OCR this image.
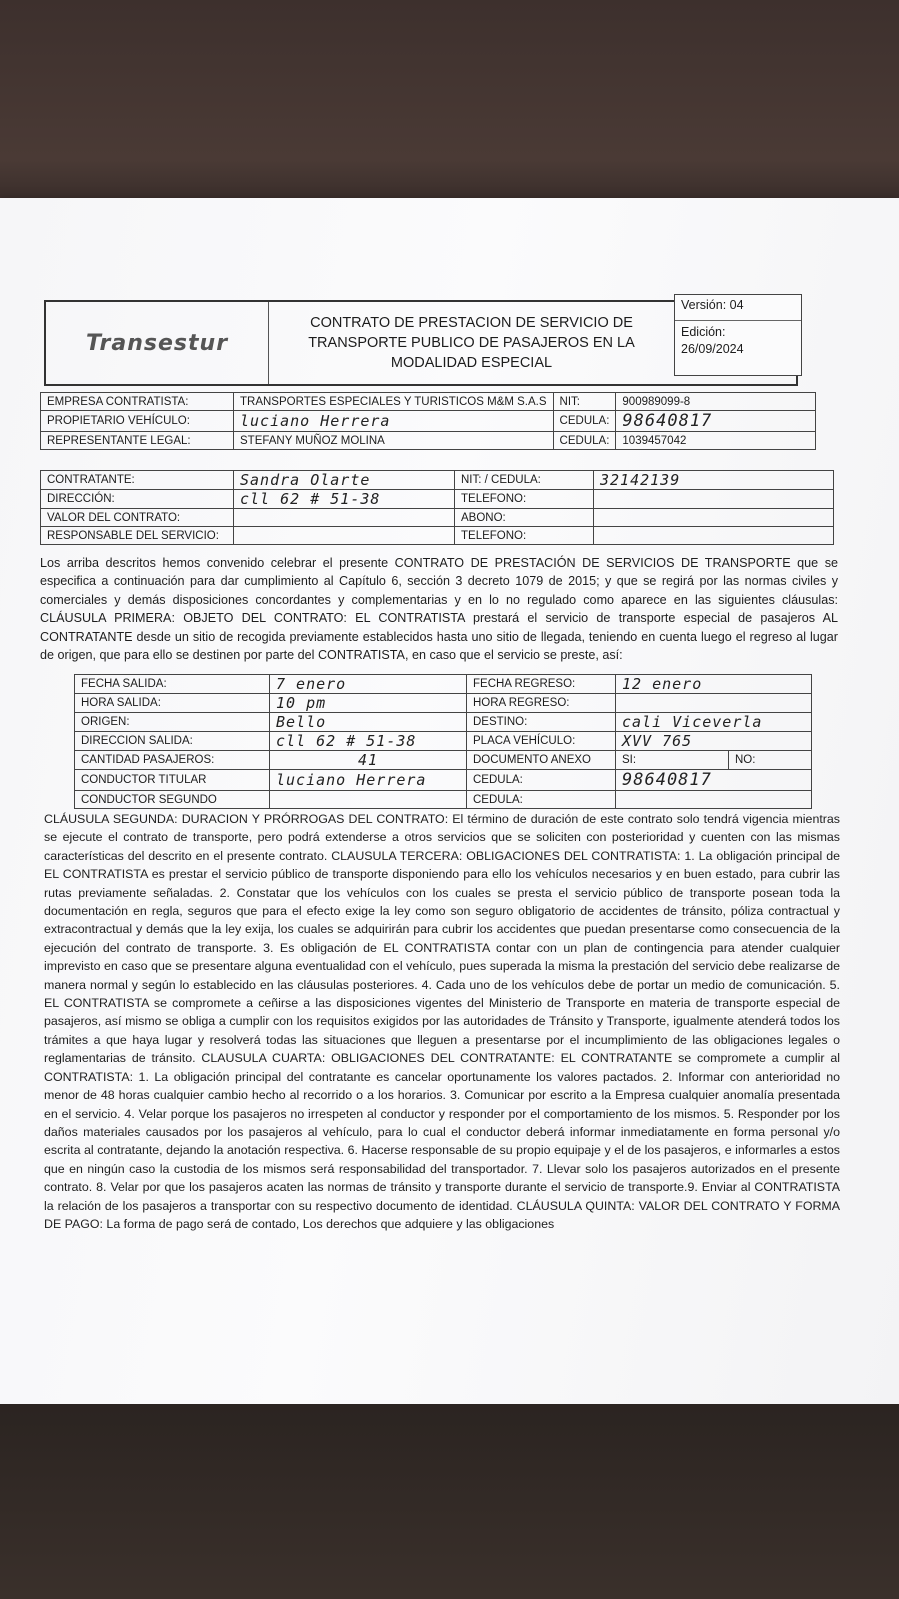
Transestur
CONTRATO DE PRESTACION DE SERVICIO DE TRANSPORTE PUBLICO DE PASAJEROS EN LA MODALIDAD ESPECIAL
Versión: 04
Edición:
26/09/2024
EMPRESA CONTRATISTA:	TRANSPORTES ESPECIALES Y TURISTICOS M&M S.A.S	NIT:	900989099-8
PROPIETARIO VEHÍCULO:	luciano Herrera	CEDULA:	98640817
REPRESENTANTE LEGAL:	STEFANY MUÑOZ MOLINA	CEDULA:	1039457042
CONTRATANTE:	Sandra Olarte	NIT: / CEDULA:	32142139
DIRECCIÓN:	cll 62 # 51-38	TELEFONO:	
VALOR DEL CONTRATO:		ABONO:	
RESPONSABLE DEL SERVICIO:		TELEFONO:	
Los arriba descritos hemos convenido celebrar el presente CONTRATO DE PRESTACIÓN DE SERVICIOS DE TRANSPORTE que se especifica a continuación para dar cumplimiento al Capítulo 6, sección 3 decreto 1079 de 2015; y que se regirá por las normas civiles y comerciales y demás disposiciones concordantes y complementarias y en lo no regulado como aparece en las siguientes cláusulas: CLÁUSULA PRIMERA: OBJETO DEL CONTRATO: EL CONTRATISTA prestará el servicio de transporte especial de pasajeros AL CONTRATANTE desde un sitio de recogida previamente establecidos hasta uno sitio de llegada, teniendo en cuenta luego el regreso al lugar de origen, que para ello se destinen por parte del CONTRATISTA, en caso que el servicio se preste, así:
FECHA SALIDA:	7 enero	FECHA REGRESO:	12 enero	
HORA SALIDA:	10 pm	HORA REGRESO:		
ORIGEN:	Bello	DESTINO:	cali Viceverla	
DIRECCION SALIDA:	cll 62 # 51-38	PLACA VEHÍCULO:	XVV 765	
CANTIDAD PASAJEROS:	41	DOCUMENTO ANEXO	SI:	NO:
CONDUCTOR TITULAR	luciano Herrera	CEDULA:	98640817	
CONDUCTOR SEGUNDO		CEDULA:		
CLÁUSULA SEGUNDA: DURACION Y PRÓRROGAS DEL CONTRATO: El término de duración de este contrato solo tendrá vigencia mientras se ejecute el contrato de transporte, pero podrá extenderse a otros servicios que se soliciten con posterioridad y cuenten con las mismas características del descrito en el presente contrato. CLAUSULA TERCERA: OBLIGACIONES DEL CONTRATISTA: 1. La obligación principal de EL CONTRATISTA es prestar el servicio público de transporte disponiendo para ello los vehículos necesarios y en buen estado, para cubrir las rutas previamente señaladas. 2. Constatar que los vehículos con los cuales se presta el servicio público de transporte posean toda la documentación en regla, seguros que para el efecto exige la ley como son seguro obligatorio de accidentes de tránsito, póliza contractual y extracontractual y demás que la ley exija, los cuales se adquirirán para cubrir los accidentes que puedan presentarse como consecuencia de la ejecución del contrato de transporte. 3. Es obligación de EL CONTRATISTA contar con un plan de contingencia para atender cualquier imprevisto en caso que se presentare alguna eventualidad con el vehículo, pues superada la misma la prestación del servicio debe realizarse de manera normal y según lo establecido en las cláusulas posteriores. 4. Cada uno de los vehículos debe de portar un medio de comunicación. 5. EL CONTRATISTA se compromete a ceñirse a las disposiciones vigentes del Ministerio de Transporte en materia de transporte especial de pasajeros, así mismo se obliga a cumplir con los requisitos exigidos por las autoridades de Tránsito y Transporte, igualmente atenderá todos los trámites a que haya lugar y resolverá todas las situaciones que lleguen a presentarse por el incumplimiento de las obligaciones legales o reglamentarias de tránsito. CLAUSULA CUARTA: OBLIGACIONES DEL CONTRATANTE: EL CONTRATANTE se compromete a cumplir al CONTRATISTA: 1. La obligación principal del contratante es cancelar oportunamente los valores pactados. 2. Informar con anterioridad no menor de 48 horas cualquier cambio hecho al recorrido o a los horarios. 3. Comunicar por escrito a la Empresa cualquier anomalía presentada en el servicio. 4. Velar porque los pasajeros no irrespeten al conductor y responder por el comportamiento de los mismos. 5. Responder por los daños materiales causados por los pasajeros al vehículo, para lo cual el conductor deberá informar inmediatamente en forma personal y/o escrita al contratante, dejando la anotación respectiva. 6. Hacerse responsable de su propio equipaje y el de los pasajeros, e informarles a estos que en ningún caso la custodia de los mismos será responsabilidad del transportador. 7. Llevar solo los pasajeros autorizados en el presente contrato. 8. Velar por que los pasajeros acaten las normas de tránsito y transporte durante el servicio de transporte.9. Enviar al CONTRATISTA la relación de los pasajeros a transportar con su respectivo documento de identidad. CLÁUSULA QUINTA: VALOR DEL CONTRATO Y FORMA DE PAGO: La forma de pago será de contado, Los derechos que adquiere y las obligaciones
